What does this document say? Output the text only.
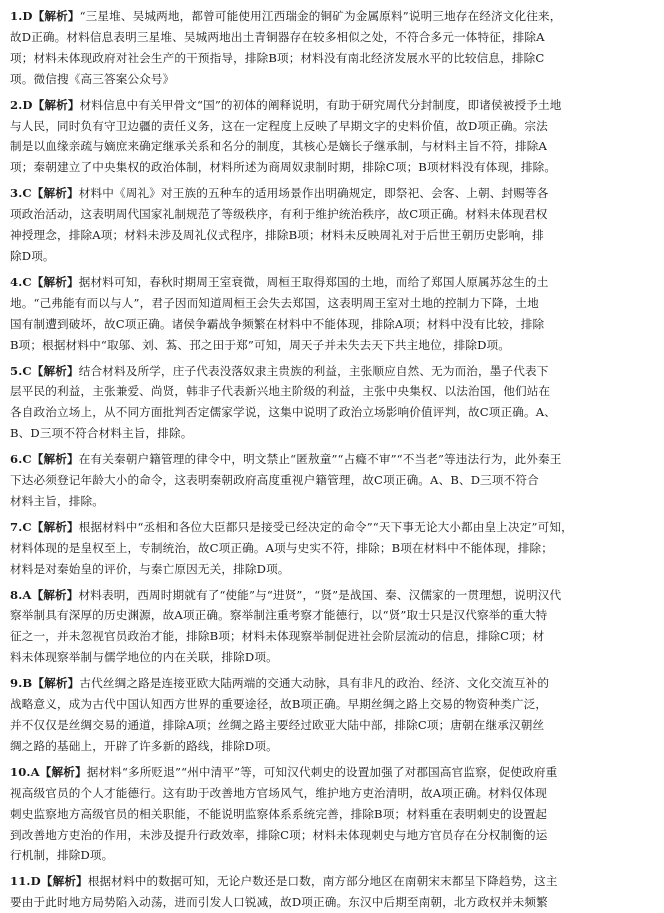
1.D【解析】“三星堆、吴城两地，都曾可能使用江西瑞金的铜矿为金属原料”说明三地存在经济文化往来，
故D正确。材料信息表明三星堆、吴城两地出土青铜器存在较多相似之处，不符合多元一体特征，排除A
项；材料未体现政府对社会生产的干预指导，排除B项；材料没有南北经济发展水平的比较信息，排除C
项。微信搜《高三答案公众号》
2.D【解析】材料信息中有关甲骨文“国”的初体的阐释说明，有助于研究周代分封制度，即诸侯被授予土地
与人民，同时负有守卫边疆的责任义务，这在一定程度上反映了早期文字的史料价值，故D项正确。宗法
制是以血缘亲疏与嫡庶来确定继承关系和名分的制度，其核心是嫡长子继承制，与材料主旨不符，排除A
项；秦朝建立了中央集权的政治体制，材料所述为商周奴隶制时期，排除C项；B项材料没有体现，排除。
3.C【解析】材料中《周礼》对王族的五种车的适用场景作出明确规定，即祭祀、会客、上朝、封赐等各
项政治活动，这表明周代国家礼制规范了等级秩序，有利于维护统治秩序，故C项正确。材料未体现君权
神授理念，排除A项；材料未涉及周礼仪式程序，排除B项；材料未反映周礼对于后世王朝历史影响，排
除D项。
4.C【解析】据材料可知，春秋时期周王室衰微，周桓王取得郑国的土地，而给了郑国人原属苏忿生的土
地。“己弗能有而以与人”，君子因而知道周桓王会失去郑国，这表明周王室对土地的控制力下降，土地
国有制遭到破坏，故C项正确。诸侯争霸战争频繁在材料中不能体现，排除A项；材料中没有比较，排除
B项；根据材料中“取邬、刘、蒍、邘之田于郑”可知，周天子并未失去天下共主地位，排除D项。
5.C【解析】结合材料及所学，庄子代表没落奴隶主贵族的利益，主张顺应自然、无为而治，墨子代表下
层平民的利益，主张兼爱、尚贤，韩非子代表新兴地主阶级的利益，主张中央集权、以法治国，他们站在
各自政治立场上，从不同方面批判否定儒家学说，这集中说明了政治立场影响价值评判，故C项正确。A、
B、D三项不符合材料主旨，排除。
6.C【解析】在有关秦朝户籍管理的律令中，明文禁止“匿敖童”“占癃不审”“不当老”等违法行为，此外秦王
下达必须登记年龄大小的命令，这表明秦朝政府高度重视户籍管理，故C项正确。A、B、D三项不符合
材料主旨，排除。
7.C【解析】根据材料中“丞相和各位大臣都只是接受已经决定的命令”“天下事无论大小都由皇上决定”可知，
材料体现的是皇权至上，专制统治，故C项正确。A项与史实不符，排除；B项在材料中不能体现，排除；
材料是对秦始皇的评价，与秦亡原因无关，排除D项。
8.A【解析】材料表明，西周时期就有了“使能”与“进贤”，“贤”是战国、秦、汉儒家的一贯理想，说明汉代
察举制具有深厚的历史渊源，故A项正确。察举制注重考察才能德行，以“贤”取士只是汉代察举的重大特
征之一，并未忽视官员政治才能，排除B项；材料未体现察举制促进社会阶层流动的信息，排除C项；材
料未体现察举制与儒学地位的内在关联，排除D项。
9.B【解析】古代丝绸之路是连接亚欧大陆两端的交通大动脉，具有非凡的政治、经济、文化交流互补的
战略意义，成为古代中国认知西方世界的重要途径，故B项正确。早期丝绸之路上交易的物资种类广泛，
并不仅仅是丝绸交易的通道，排除A项；丝绸之路主要经过欧亚大陆中部，排除C项；唐朝在继承汉朝丝
绸之路的基础上，开辟了许多新的路线，排除D项。
10.A【解析】据材料“多所贬退”“州中清平”等，可知汉代刺史的设置加强了对郡国高官监察，促使政府重
视高级官员的个人才能德行。这有助于改善地方官场风气，维护地方吏治清明，故A项正确。材料仅体现
刺史监察地方高级官员的相关职能，不能说明监察体系系统完善，排除B项；材料重在表明刺史的设置起
到改善地方吏治的作用，未涉及提升行政效率，排除C项；材料未体现刺史与地方官员存在分权制衡的运
行机制，排除D项。
11.D【解析】根据材料中的数据可知，无论户数还是口数，南方部分地区在南朝宋末都呈下降趋势，这主
要由于此时地方局势陷入动荡，进而引发人口锐减，故D项正确。东汉中后期至南朝，北方政权并未频繁
